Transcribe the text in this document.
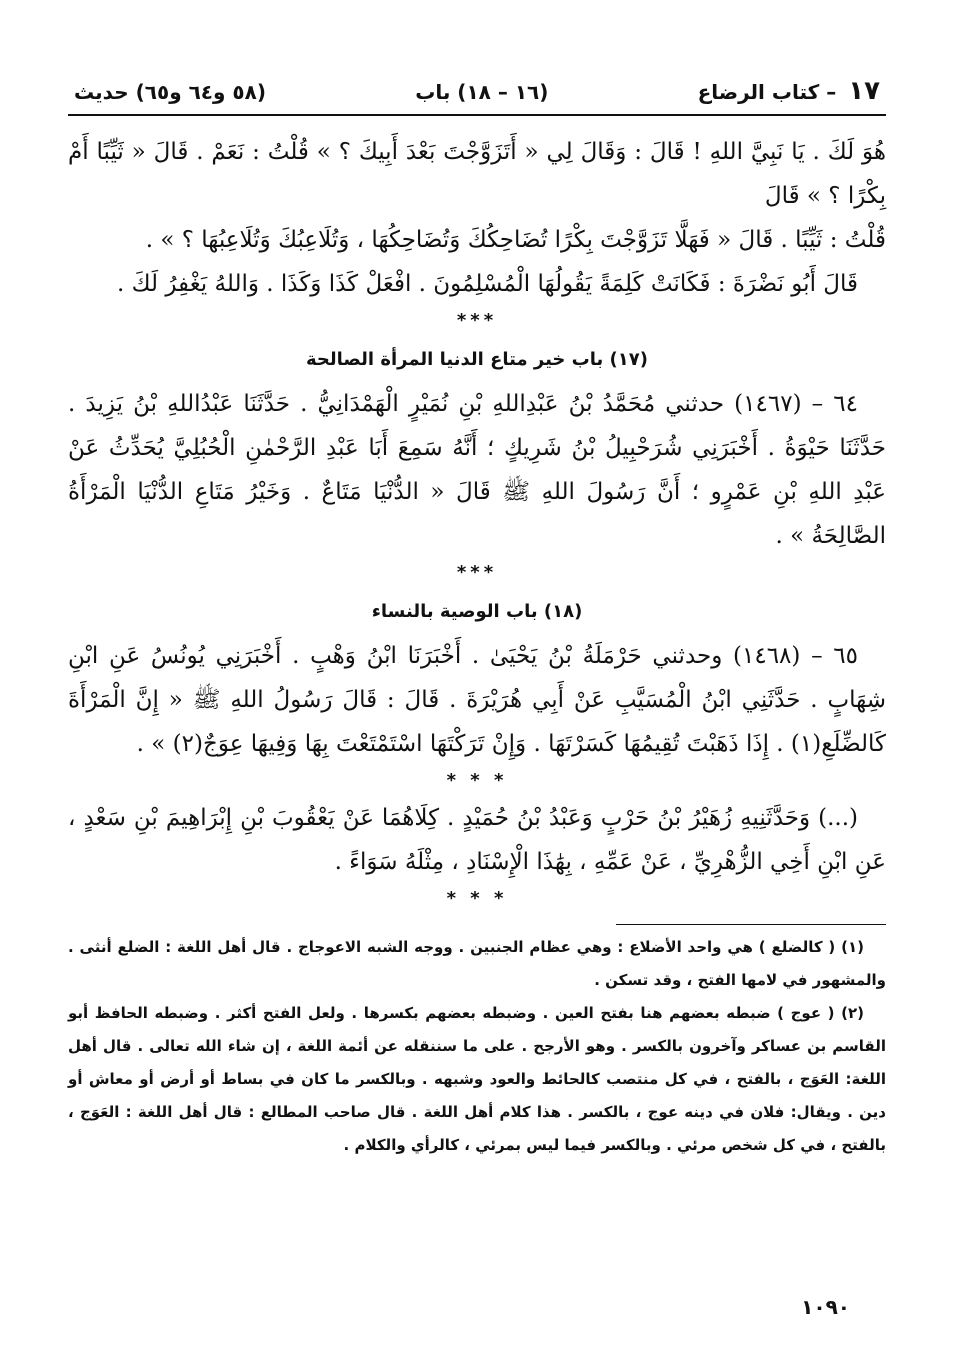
١٧
– كتاب الرضاع
(١٦ – ١٨) باب
(٥٨ و٦٤ و٦٥) حديث

هُوَ لَكَ . يَا نَبِيَّ اللهِ ! قَالَ : وَقَالَ لِي « أَتَزَوَّجْتَ بَعْدَ أَبِيكَ ؟ » قُلْتُ : نَعَمْ . قَالَ « ثَيِّبًا أَمْ بِكْرًا ؟ » قَالَ

قُلْتُ : ثَيِّبًا . قَالَ « فَهَلَّا تَزَوَّجْتَ بِكْرًا تُضَاحِكُكَ وَتُضَاحِكُهَا ، وَتُلَاعِبُكَ وَتُلَاعِبُهَا ؟ » .

قَالَ أَبُو نَضْرَةَ : فَكَانَتْ كَلِمَةً يَقُولُهَا الْمُسْلِمُونَ . افْعَلْ كَذَا وَكَذَا . وَاللهُ يَغْفِرُ لَكَ .

***
(١٧) باب خير متاع الدنيا المرأة الصالحة

٦٤ – (١٤٦٧) حدثني مُحَمَّدُ بْنُ عَبْدِاللهِ بْنِ نُمَيْرٍ الْهَمْدَانِيُّ . حَدَّثَنَا عَبْدُاللهِ بْنُ يَزِيدَ . حَدَّثَنَا حَيْوَةُ . أَخْبَرَنِي شُرَحْبِيلُ بْنُ شَرِيكٍ ؛ أَنَّهُ سَمِعَ أَبَا عَبْدِ الرَّحْمٰنِ الْحُبُلِيَّ يُحَدِّثُ عَنْ عَبْدِ اللهِ بْنِ عَمْرٍو ؛ أَنَّ رَسُولَ اللهِ ﷺ قَالَ « الدُّنْيَا مَتَاعٌ . وَخَيْرُ مَتَاعِ الدُّنْيَا الْمَرْأَةُ الصَّالِحَةُ » .

***
(١٨) باب الوصية بالنساء

٦٥ – (١٤٦٨) وحدثني حَرْمَلَةُ بْنُ يَحْيَىٰ . أَخْبَرَنَا ابْنُ وَهْبٍ . أَخْبَرَنِي يُونُسُ عَنِ ابْنِ شِهَابٍ . حَدَّثَنِي ابْنُ الْمُسَيَّبِ عَنْ أَبِي هُرَيْرَةَ . قَالَ : قَالَ رَسُولُ اللهِ ﷺ « إِنَّ الْمَرْأَةَ كَالضِّلَعِ(١) . إِذَا ذَهَبْتَ تُقِيمُهَا كَسَرْتَهَا . وَإِنْ تَرَكْتَهَا اسْتَمْتَعْتَ بِهَا وَفِيهَا عِوَجٌ(٢) » .

* * *

(...) وَحَدَّثَنِيهِ زُهَيْرُ بْنُ حَرْبٍ وَعَبْدُ بْنُ حُمَيْدٍ . كِلَاهُمَا عَنْ يَعْقُوبَ بْنِ إِبْرَاهِيمَ بْنِ سَعْدٍ ، عَنِ ابْنِ أَخِي الزُّهْرِيِّ ، عَنْ عَمِّهِ ، بِهَٰذَا الْإِسْنَادِ ، مِثْلَهُ سَوَاءً .

* * *

(١) ( كالضلع ) هي واحد الأضلاع : وهي عظام الجنبين . ووجه الشبه الاعوجاج . قال أهل اللغة : الضلع أنثى . والمشهور في لامها الفتح ، وقد تسكن .

(٢) ( عوج ) ضبطه بعضهم هنا بفتح العين . وضبطه بعضهم بكسرها . ولعل الفتح أكثر . وضبطه الحافظ أبو القاسم بن عساكر وآخرون بالكسر . وهو الأرجح . على ما سننقله عن أئمة اللغة ، إن شاء الله تعالى . قال أهل اللغة: العَوَج ، بالفتح ، في كل منتصب كالحائط والعود وشبهه . وبالكسر ما كان في بساط أو أرض أو معاش أو دين . ويقال: فلان في دينه عوج ، بالكسر . هذا كلام أهل اللغة . قال صاحب المطالع : قال أهل اللغة : العَوَج ، بالفتح ، في كل شخص مرئي . وبالكسر فيما ليس بمرئي ، كالرأي والكلام .

١٠٩٠
